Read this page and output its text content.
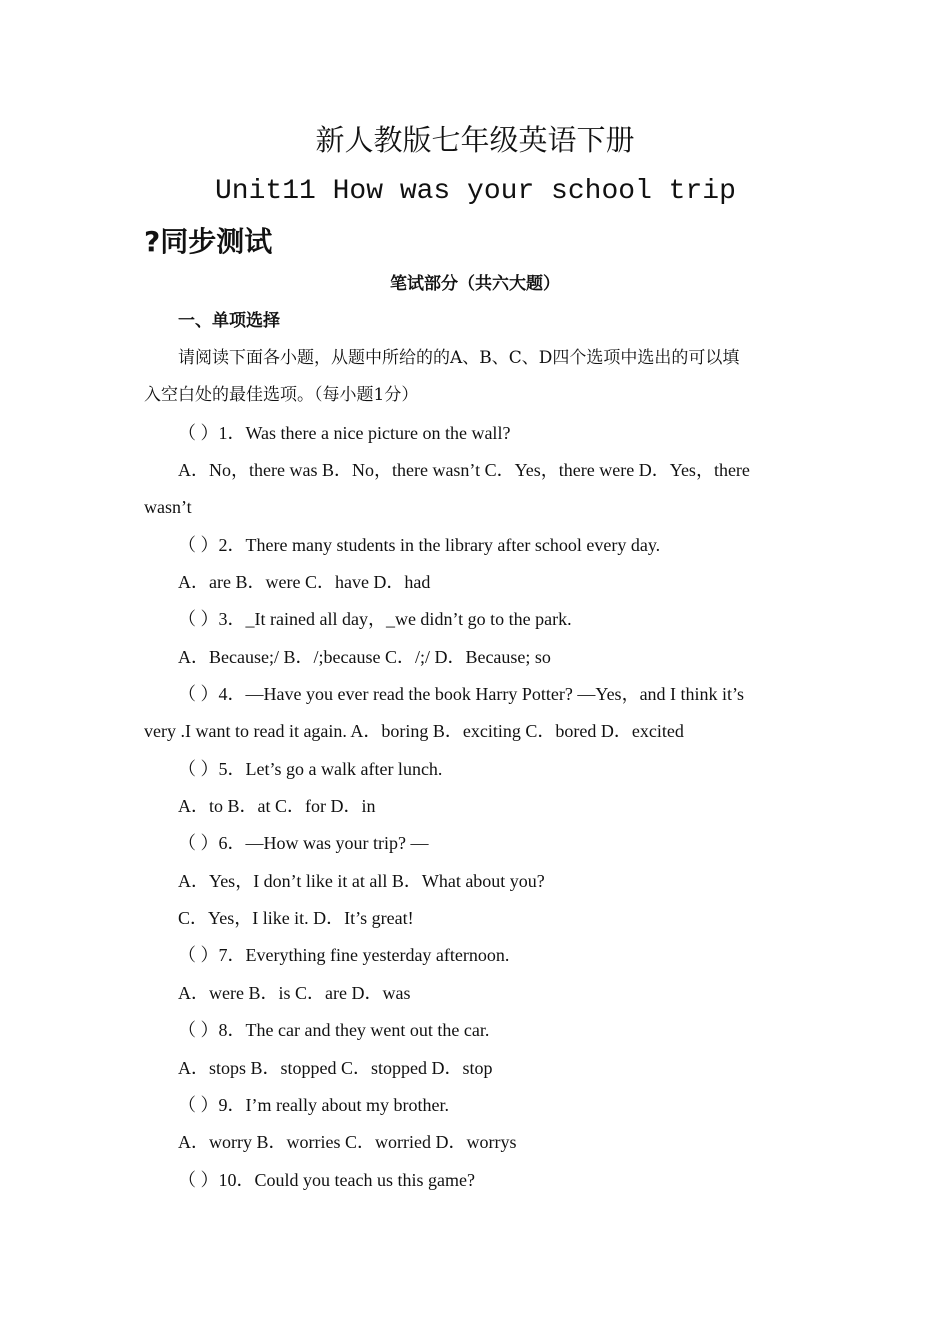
新人教版七年级英语下册
Unit11 How was your school trip
?同步测试
笔试部分（共六大题）
一、单项选择
请阅读下面各小题，从题中所给的的A、B、C、D四个选项中选出的可以填
入空白处的最佳选项。（每小题1分）
（ ）1．Was there a nice picture on the wall?
A．No，there was B．No，there wasn’t C．Yes，there were D．Yes，there
wasn’t
（ ）2．There many students in the library after school every day.
A．are B．were C．have D．had
（ ）3．_It rained all day，_we didn’t go to the park.
A．Because;/ B．/;because C．/;/ D．Because; so
（ ）4．—Have you ever read the book Harry Potter? —Yes，and I think it’s
very .I want to read it again. A．boring B．exciting C．bored D．excited
（ ）5．Let’s go a walk after lunch.
A．to B．at C．for D．in
（ ）6．—How was your trip? —
A．Yes，I don’t like it at all B．What about you?
C．Yes，I like it. D．It’s great!
（ ）7．Everything fine yesterday afternoon.
A．were B．is C．are D．was
（ ）8．The car and they went out the car.
A．stops B．stopped C．stopped D．stop
（ ）9．I’m really about my brother.
A．worry B．worries C．worried D．worrys
（ ）10．Could you teach us this game?
